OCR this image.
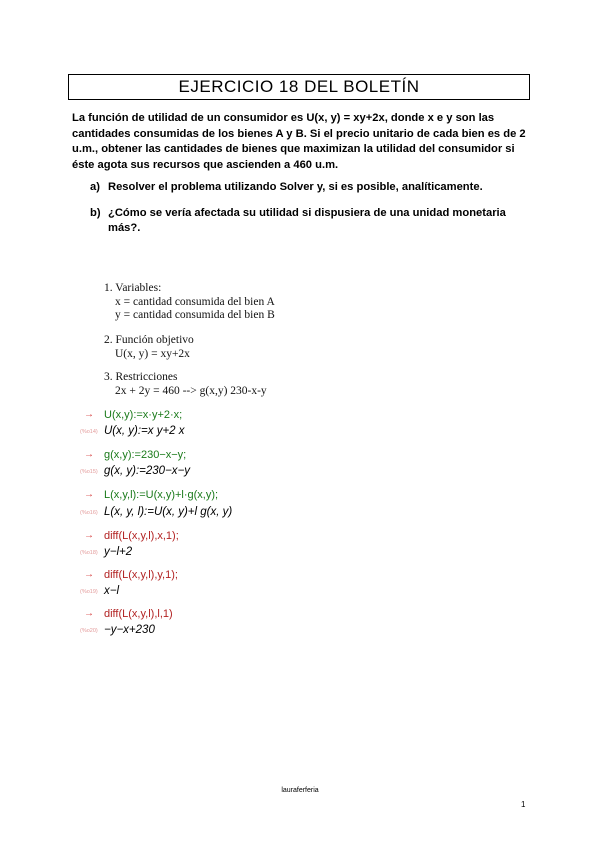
EJERCICIO 18 DEL BOLETÍN
La función de utilidad de un consumidor es U(x, y) = xy+2x, donde x e y son las cantidades consumidas de los bienes A y B. Si el precio unitario de cada bien es de 2 u.m., obtener las cantidades de bienes que maximizan la utilidad del consumidor si éste agota sus recursos que ascienden a 460 u.m.
a) Resolver el problema utilizando Solver y, si es posible, analíticamente.
b) ¿Cómo se vería afectada su utilidad si dispusiera de una unidad monetaria más?.
1. Variables:
x = cantidad consumida del bien A
y = cantidad consumida del bien B
2. Función objetivo
U(x, y) = xy+2x
3. Restricciones
2x + 2y = 460 --> g(x,y) 230-x-y
→ U(x,y):=x·y+2·x;
(%o14) U(x, y):=x y+2 x
→ g(x,y):=230−x−y;
(%o15) g(x, y):=230−x−y
→ L(x,y,l):=U(x,y)+l·g(x,y);
(%o16) L(x, y, l):=U(x, y)+l g(x, y)
→ diff(L(x,y,l),x,1);
(%o18) y−l+2
→ diff(L(x,y,l),y,1);
(%o19) x−l
→ diff(L(x,y,l),l,1)
(%o20) −y−x+230
lauraferferia
1
